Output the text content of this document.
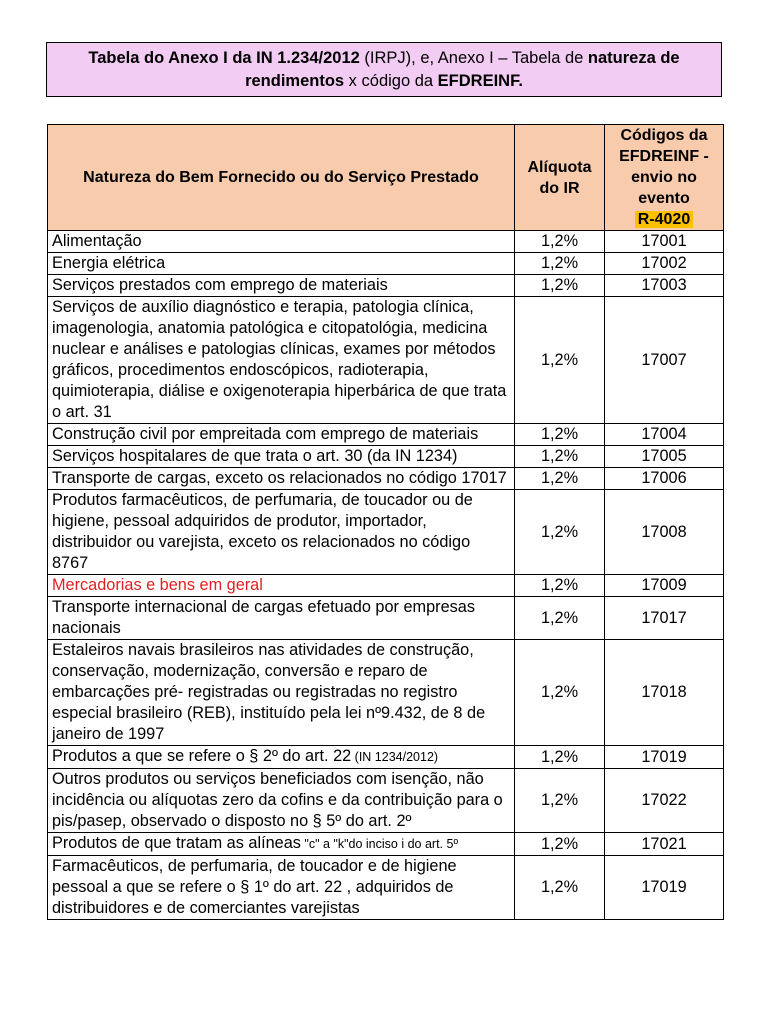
Tabela do Anexo I da IN 1.234/2012 (IRPJ), e, Anexo I – Tabela de natureza de rendimentos x código da EFDREINF.
Natureza do Bem Fornecido ou do Serviço Prestado	Alíquota do IR	Códigos da EFDREINF - envio no evento
R-4020
Alimentação	1,2%	17001
Energia elétrica	1,2%	17002
Serviços prestados com emprego de materiais	1,2%	17003
Serviços de auxílio diagnóstico e terapia, patologia clínica, imagenologia, anatomia patológica e citopatológia, medicina nuclear e análises e patologias clínicas, exames por métodos gráficos, procedimentos endoscópicos, radioterapia, quimioterapia, diálise e oxigenoterapia hiperbárica de que trata o art. 31	1,2%	17007
Construção civil por empreitada com emprego de materiais	1,2%	17004
Serviços hospitalares de que trata o art. 30 (da IN 1234)	1,2%	17005
Transporte de cargas, exceto os relacionados no código 17017	1,2%	17006
Produtos farmacêuticos, de perfumaria, de toucador ou de higiene, pessoal adquiridos de produtor, importador, distribuidor ou varejista, exceto os relacionados no código 8767	1,2%	17008
Mercadorias e bens em geral	1,2%	17009
Transporte internacional de cargas efetuado por empresas nacionais	1,2%	17017
Estaleiros navais brasileiros nas atividades de construção, conservação, modernização, conversão e reparo de embarcações pré- registradas ou registradas no registro especial brasileiro (REB), instituído pela lei nº9.432, de 8 de janeiro de 1997	1,2%	17018
Produtos a que se refere o § 2º do art. 22 (IN 1234/2012)	1,2%	17019
Outros produtos ou serviços beneficiados com isenção, não incidência ou alíquotas zero da cofins e da contribuição para o pis/pasep, observado o disposto no § 5º do art. 2º	1,2%	17022
Produtos de que tratam as alíneas "c" a "k"do inciso i do art. 5º	1,2%	17021
Farmacêuticos, de perfumaria, de toucador e de higiene pessoal a que se refere o § 1º do art. 22 , adquiridos de distribuidores e de comerciantes varejistas	1,2%	17019
